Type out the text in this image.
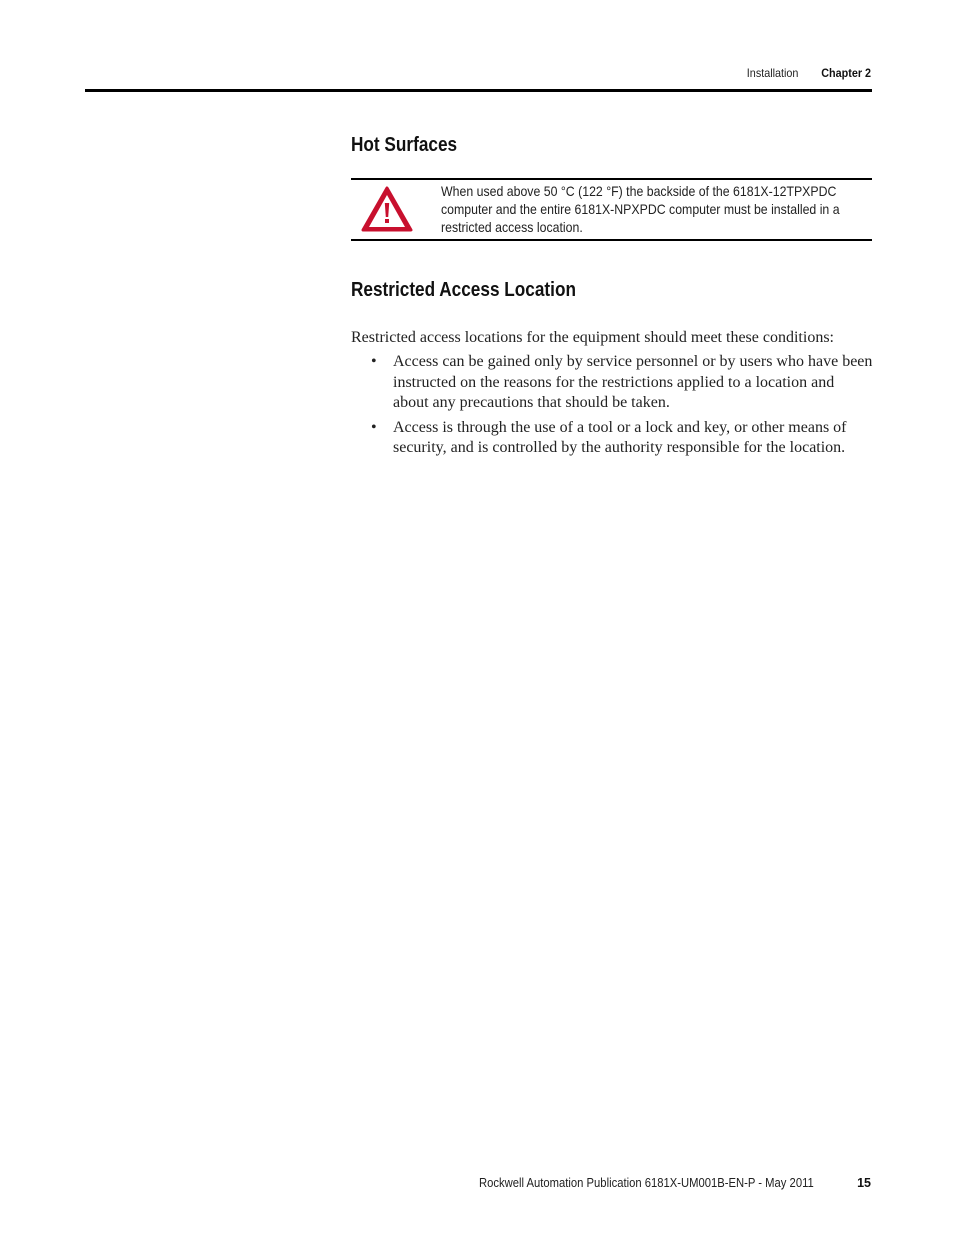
Installation Chapter 2
Hot Surfaces
When used above 50 °C (122 °F) the backside of the 6181X-12TPXPDC computer and the entire 6181X-NPXPDC computer must be installed in a restricted access location.
Restricted Access Location
Restricted access locations for the equipment should meet these conditions:
• Access can be gained only by service personnel or by users who have been instructed on the reasons for the restrictions applied to a location and about any precautions that should be taken.
• Access is through the use of a tool or a lock and key, or other means of security, and is controlled by the authority responsible for the location.
Rockwell Automation Publication 6181X-UM001B-EN-P - May 2011	15
